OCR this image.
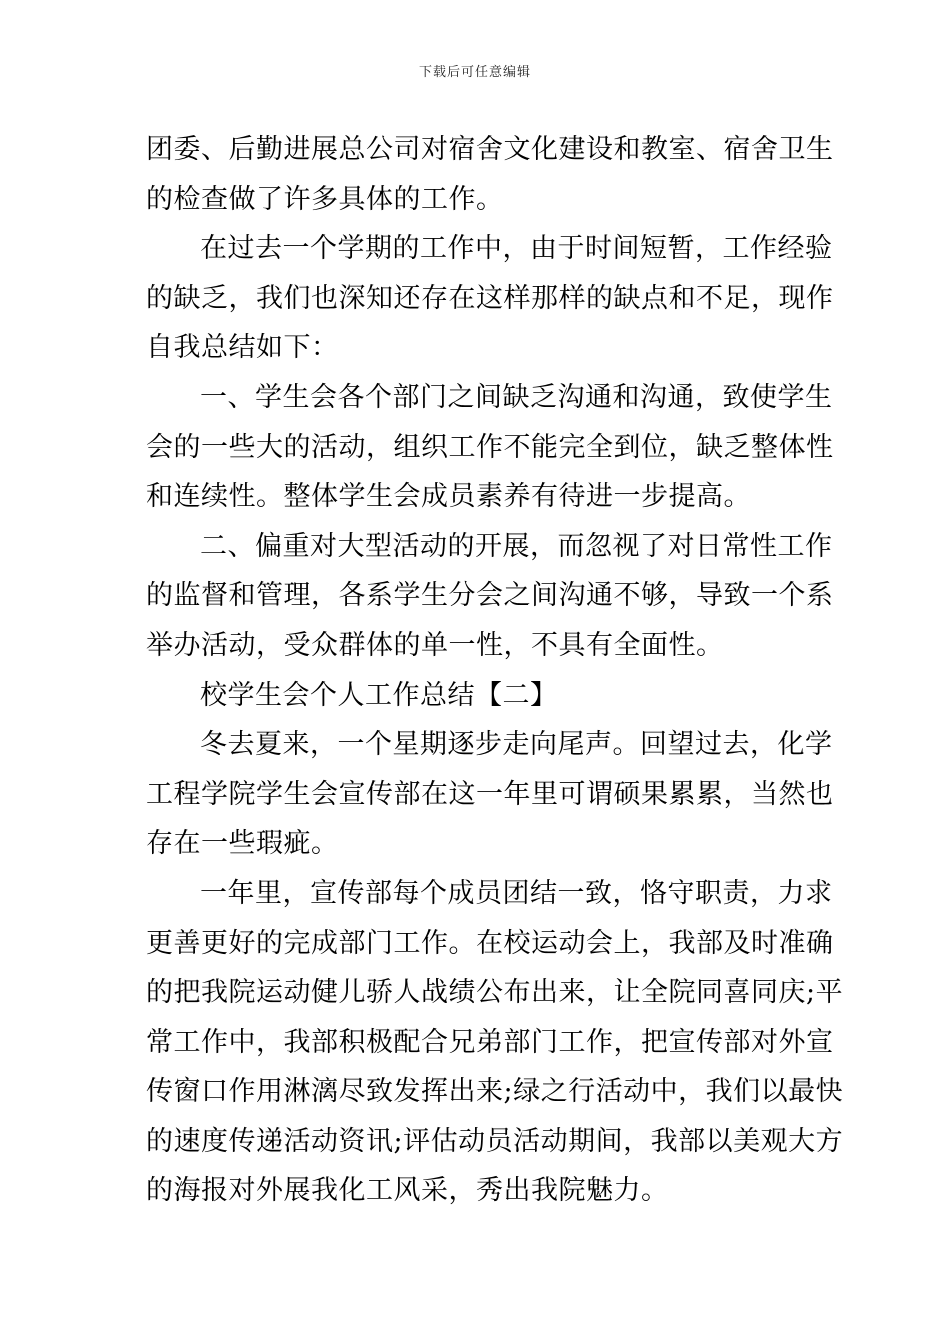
下载后可任意编辑
团委、后勤进展总公司对宿舍文化建设和教室、宿舍卫生
的检查做了许多具体的工作。
在过去一个学期的工作中，由于时间短暂，工作经验
的缺乏，我们也深知还存在这样那样的缺点和不足，现作
自我总结如下：
一、学生会各个部门之间缺乏沟通和沟通，致使学生
会的一些大的活动，组织工作不能完全到位，缺乏整体性
和连续性。整体学生会成员素养有待进一步提高。
二、偏重对大型活动的开展，而忽视了对日常性工作
的监督和管理，各系学生分会之间沟通不够，导致一个系
举办活动，受众群体的单一性，不具有全面性。
校学生会个人工作总结【二】
冬去夏来，一个星期逐步走向尾声。回望过去，化学
工程学院学生会宣传部在这一年里可谓硕果累累，当然也
存在一些瑕疵。
一年里，宣传部每个成员团结一致，恪守职责，力求
更善更好的完成部门工作。在校运动会上，我部及时准确
的把我院运动健儿骄人战绩公布出来，让全院同喜同庆;平
常工作中，我部积极配合兄弟部门工作，把宣传部对外宣
传窗口作用淋漓尽致发挥出来;绿之行活动中，我们以最快
的速度传递活动资讯;评估动员活动期间，我部以美观大方
的海报对外展我化工风采，秀出我院魅力。
